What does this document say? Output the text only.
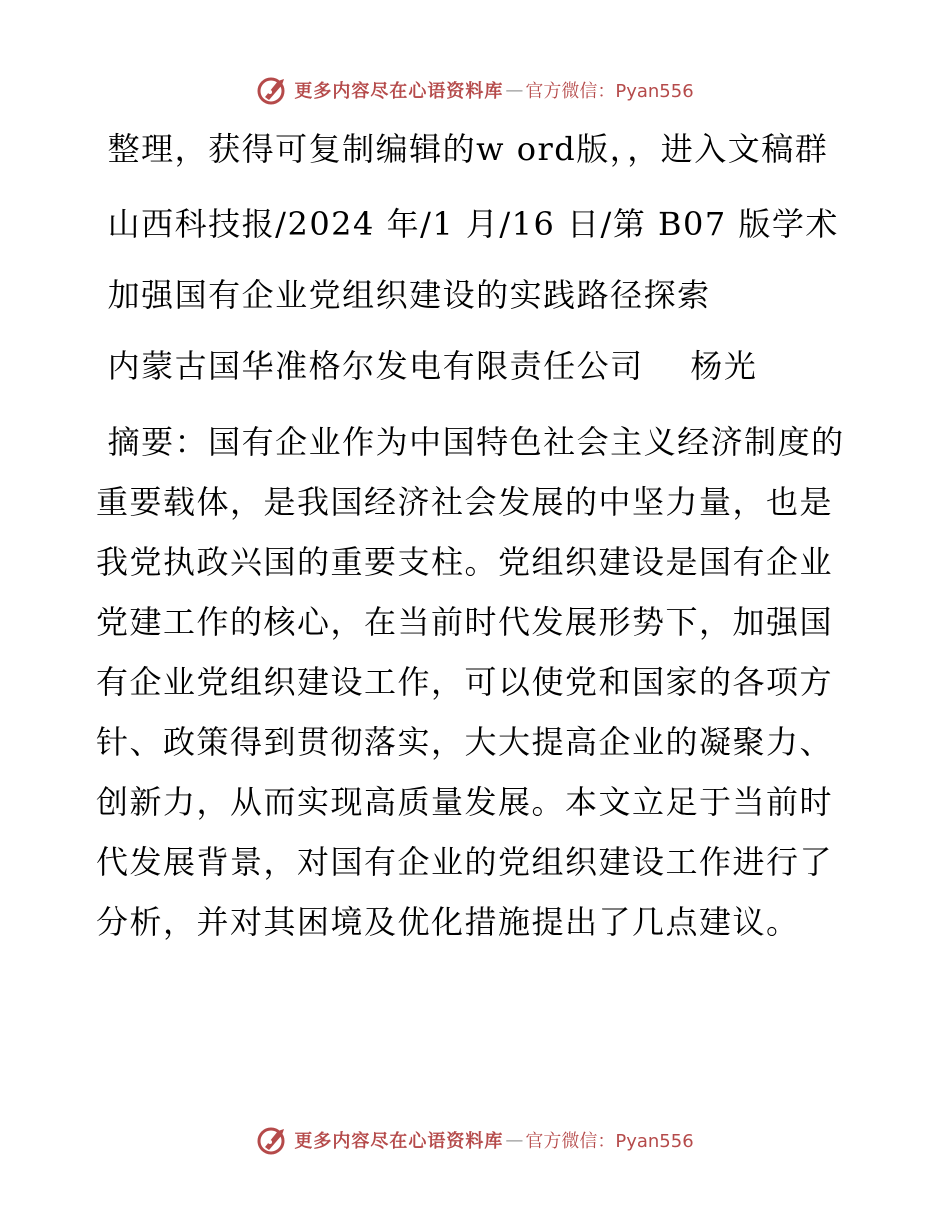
更多内容尽在心语资料库 — 官方微信：Pyan556

整理，获得可复制编辑的w ord版，，进入文稿群

山西科技报/2024 年/1 月/16 日/第 B07 版学术

加强国有企业党组织建设的实践路径探索

内蒙古国华准格尔发电有限责任公司    杨光

摘要：国有企业作为中国特色社会主义经济制度的重要载体，是我国经济社会发展的中坚力量，也是我党执政兴国的重要支柱。党组织建设是国有企业党建工作的核心，在当前时代发展形势下，加强国有企业党组织建设工作，可以使党和国家的各项方针、政策得到贯彻落实，大大提高企业的凝聚力、创新力，从而实现高质量发展。本文立足于当前时代发展背景，对国有企业的党组织建设工作进行了分析，并对其困境及优化措施提出了几点建议。

更多内容尽在心语资料库 — 官方微信：Pyan556
